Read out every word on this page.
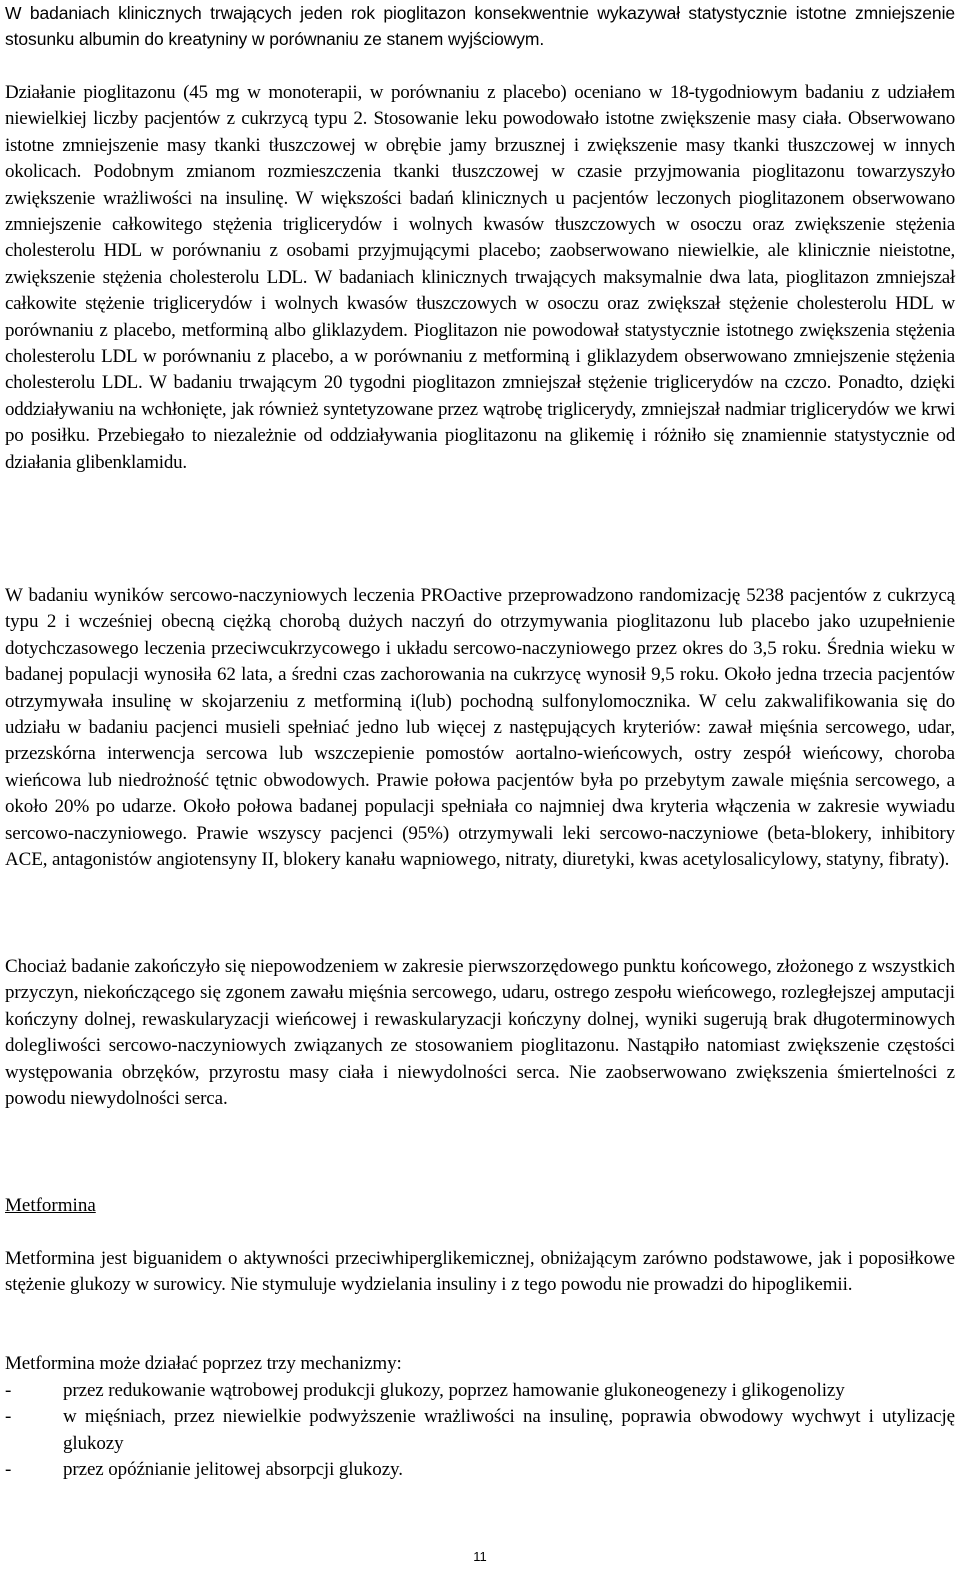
W badaniach klinicznych trwających jeden rok pioglitazon konsekwentnie wykazywał statystycznie istotne zmniejszenie stosunku albumin do kreatyniny w porównaniu ze stanem wyjściowym.

Działanie pioglitazonu (45 mg w monoterapii, w porównaniu z placebo) oceniano w 18-tygodniowym badaniu z udziałem niewielkiej liczby pacjentów z cukrzycą typu 2. Stosowanie leku powodowało istotne zwiększenie masy ciała. Obserwowano istotne zmniejszenie masy tkanki tłuszczowej w obrębie jamy brzusznej i zwiększenie masy tkanki tłuszczowej w innych okolicach. Podobnym zmianom rozmieszczenia tkanki tłuszczowej w czasie przyjmowania pioglitazonu towarzyszyło zwiększenie wrażliwości na insulinę. W większości badań klinicznych u pacjentów leczonych pioglitazonem obserwowano zmniejszenie całkowitego stężenia triglicerydów i wolnych kwasów tłuszczowych w osoczu oraz zwiększenie stężenia cholesterolu HDL w porównaniu z osobami przyjmującymi placebo; zaobserwowano niewielkie, ale klinicznie nieistotne, zwiększenie stężenia cholesterolu LDL. W badaniach klinicznych trwających maksymalnie dwa lata, pioglitazon zmniejszał całkowite stężenie triglicerydów i wolnych kwasów tłuszczowych w osoczu oraz zwiększał stężenie cholesterolu HDL w porównaniu z placebo, metforminą albo gliklazydem. Pioglitazon nie powodował statystycznie istotnego zwiększenia stężenia cholesterolu LDL w porównaniu z placebo, a w porównaniu z metforminą i gliklazydem obserwowano zmniejszenie stężenia cholesterolu LDL. W badaniu trwającym 20 tygodni pioglitazon zmniejszał stężenie triglicerydów na czczo. Ponadto, dzięki oddziaływaniu na wchłonięte, jak również syntetyzowane przez wątrobę triglicerydy, zmniejszał nadmiar triglicerydów we krwi po posiłku. Przebiegało to niezależnie od oddziaływania pioglitazonu na glikemię i różniło się znamiennie statystycznie od działania glibenklamidu.

W badaniu wyników sercowo-naczyniowych leczenia PROactive przeprowadzono randomizację 5238 pacjentów z cukrzycą typu 2 i wcześniej obecną ciężką chorobą dużych naczyń do otrzymywania pioglitazonu lub placebo jako uzupełnienie dotychczasowego leczenia przeciwcukrzycowego i układu sercowo-naczyniowego przez okres do 3,5 roku. Średnia wieku w badanej populacji wynosiła 62 lata, a średni czas zachorowania na cukrzycę wynosił 9,5 roku. Około jedna trzecia pacjentów otrzymywała insulinę w skojarzeniu z metforminą i(lub) pochodną sulfonylomocznika. W celu zakwalifikowania się do udziału w badaniu pacjenci musieli spełniać jedno lub więcej z następujących kryteriów: zawał mięśnia sercowego, udar, przezskórna interwencja sercowa lub wszczepienie pomostów aortalno-wieńcowych, ostry zespół wieńcowy, choroba wieńcowa lub niedrożność tętnic obwodowych. Prawie połowa pacjentów była po przebytym zawale mięśnia sercowego, a około 20% po udarze. Około połowa badanej populacji spełniała co najmniej dwa kryteria włączenia w zakresie wywiadu sercowo-naczyniowego. Prawie wszyscy pacjenci (95%) otrzymywali leki sercowo-naczyniowe (beta-blokery, inhibitory ACE, antagonistów angiotensyny II, blokery kanału wapniowego, nitraty, diuretyki, kwas acetylosalicylowy, statyny, fibraty).

Chociaż badanie zakończyło się niepowodzeniem w zakresie pierwszorzędowego punktu końcowego, złożonego z wszystkich przyczyn, niekończącego się zgonem zawału mięśnia sercowego, udaru, ostrego zespołu wieńcowego, rozległejszej amputacji kończyny dolnej, rewaskularyzacji wieńcowej i rewaskularyzacji kończyny dolnej, wyniki sugerują brak długoterminowych dolegliwości sercowo-naczyniowych związanych ze stosowaniem pioglitazonu. Nastąpiło natomiast zwiększenie częstości występowania obrzęków, przyrostu masy ciała i niewydolności serca. Nie zaobserwowano zwiększenia śmiertelności z powodu niewydolności serca.

Metformina

Metformina jest biguanidem o aktywności przeciwhiperglikemicznej, obniżającym zarówno podstawowe, jak i poposiłkowe stężenie glukozy w surowicy. Nie stymuluje wydzielania insuliny i z tego powodu nie prowadzi do hipoglikemii.

Metformina może działać poprzez trzy mechanizmy:

-	przez redukowanie wątrobowej produkcji glukozy, poprzez hamowanie glukoneogenezy i glikogenolizy
-	w mięśniach, przez niewielkie podwyższenie wrażliwości na insulinę, poprawia obwodowy wychwyt i utylizację glukozy
-	przez opóźnianie jelitowej absorpcji glukozy.
11
